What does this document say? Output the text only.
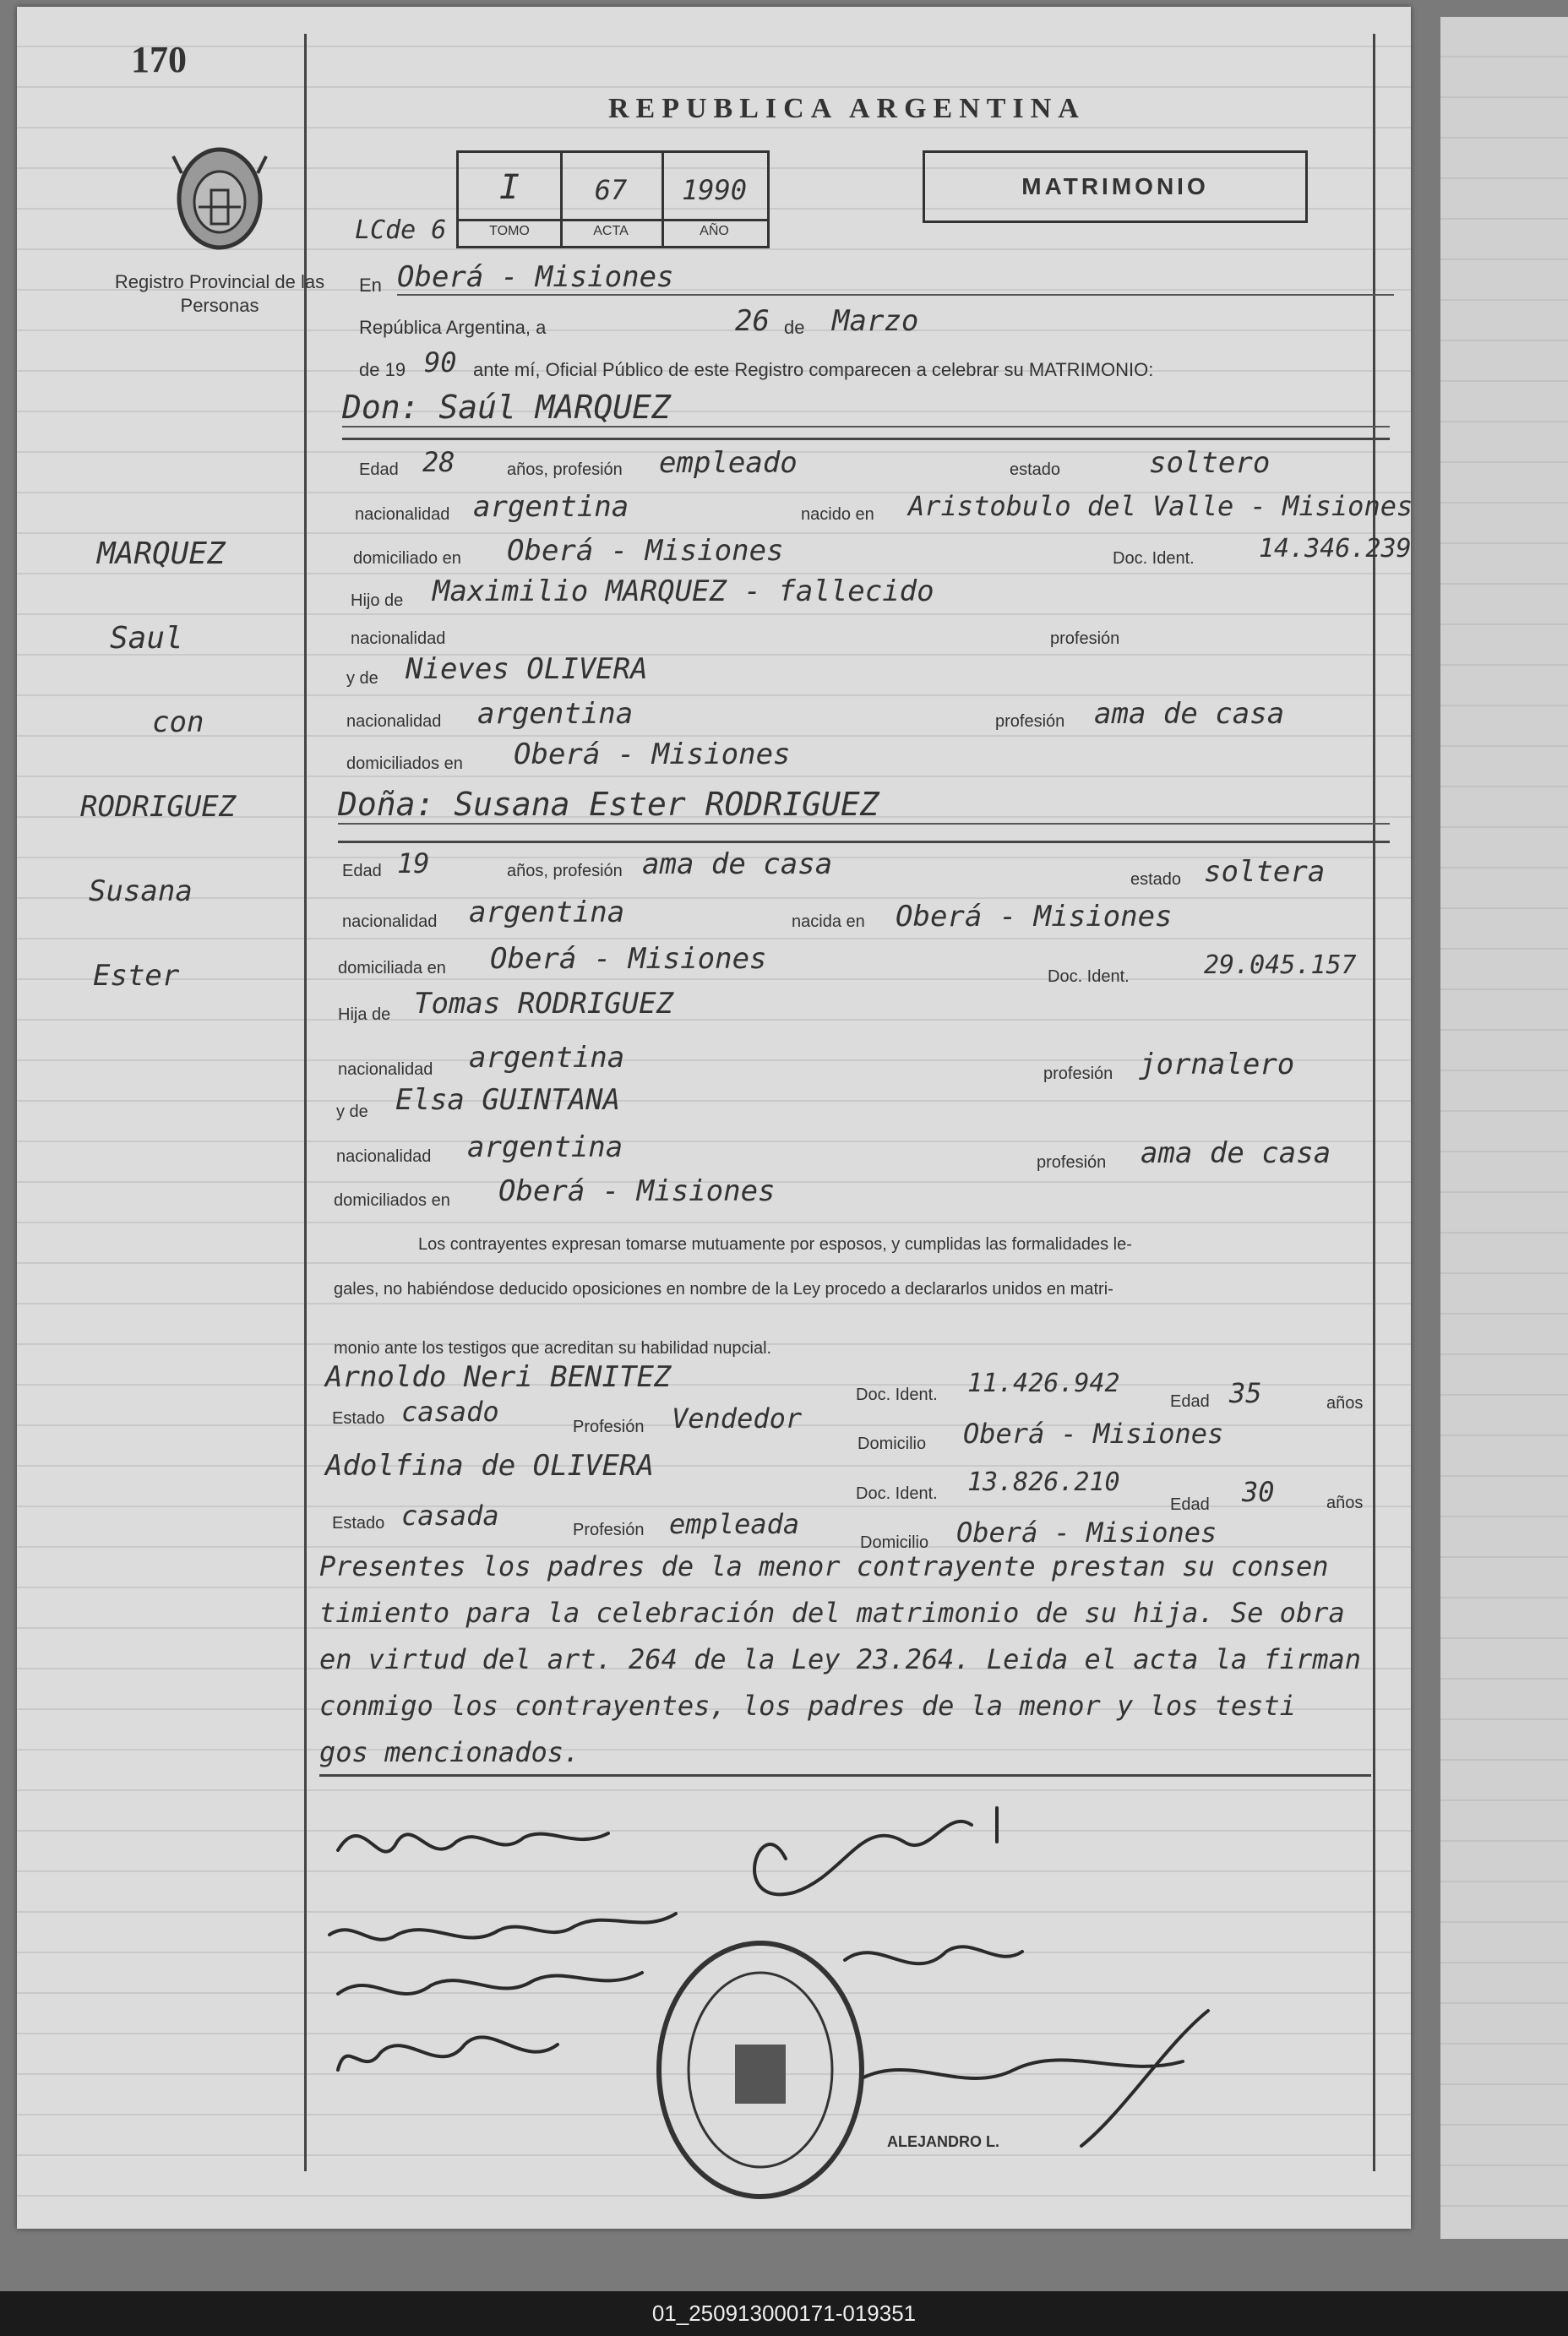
170
Registro Provincial de las Personas
REPUBLICA ARGENTINA
MATRIMONIO
LCde 6
I	67	1990
TOMO	ACTA	AÑO
MARQUEZ
Saul
con
RODRIGUEZ
Susana
Ester
En Oberá - Misiones
República Argentina, a	26 de Marzo
de 19 90 ante mí, Oficial Público de este Registro comparecen a celebrar su MATRIMONIO:
Don: Saúl MARQUEZ
Edad 28	años, profesión empleado	estado	soltero
nacionalidad argentina	nacido en Aristobulo del Valle - Misiones
domiciliado en Oberá - Misiones	Doc. Ident.	14.346.239
Hijo de Maximilio MARQUEZ - fallecido
nacionalidad	profesión
y de Nieves OLIVERA
nacionalidad argentina	profesión ama de casa
domiciliados en Oberá - Misiones
Doña: Susana Ester RODRIGUEZ
Edad 19	años, profesión ama de casa	estado soltera
nacionalidad argentina	nacida en Oberá - Misiones
domiciliada en Oberá - Misiones
Doc. Ident.	29.045.157
Hija de Tomas RODRIGUEZ
nacionalidad argentina	profesión jornalero
y de Elsa GUINTANA
nacionalidad argentina	profesión ama de casa
domiciliados en Oberá - Misiones
Los contrayentes expresan tomarse mutuamente por esposos, y cumplidas las formalidades le-
gales, no habiéndose deducido oposiciones en nombre de la Ley procedo a declararlos unidos en matri-
monio ante los testigos que acreditan su habilidad nupcial.
Arnoldo Neri BENITEZ
Doc. Ident. 11.426.942
Edad 35	años
Estado casado	Profesión Vendedor
Domicilio Oberá - Misiones
Adolfina de OLIVERA
Doc. Ident. 13.826.210
Edad 30	años
Estado casada	Profesión empleada
Domicilio Oberá - Misiones
Presentes los padres de la menor contrayente prestan su consen
timiento para la celebración del matrimonio de su hija. Se obra
en virtud del art. 264 de la Ley 23.264. Leida el acta la firman
conmigo los contrayentes, los padres de la menor y los testi
gos mencionados.
ALEJANDRO L.
01_250913000171-019351
